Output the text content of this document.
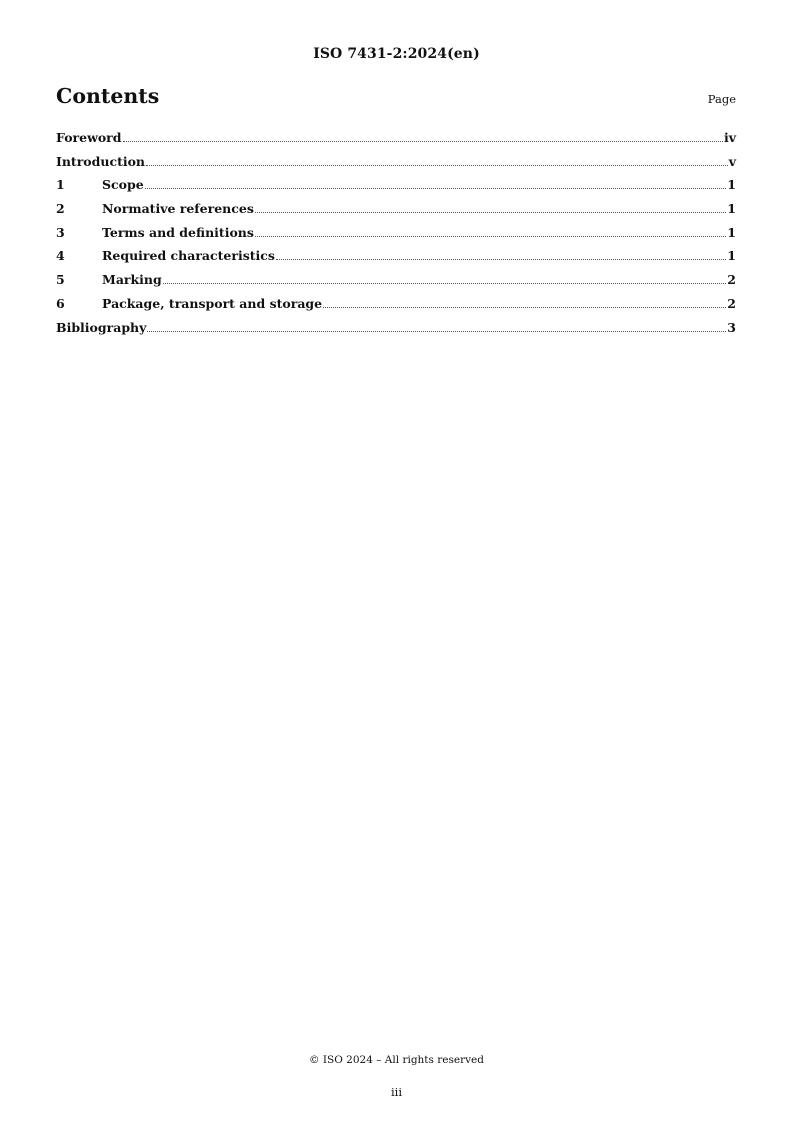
ISO 7431-2:2024(en)
Contents	Page
Foreword	iv
Introduction	v
1	Scope	1
2	Normative references	1
3	Terms and definitions	1
4	Required characteristics	1
5	Marking	2
6	Package, transport and storage	2
Bibliography	3
© ISO 2024 – All rights reserved
iii
